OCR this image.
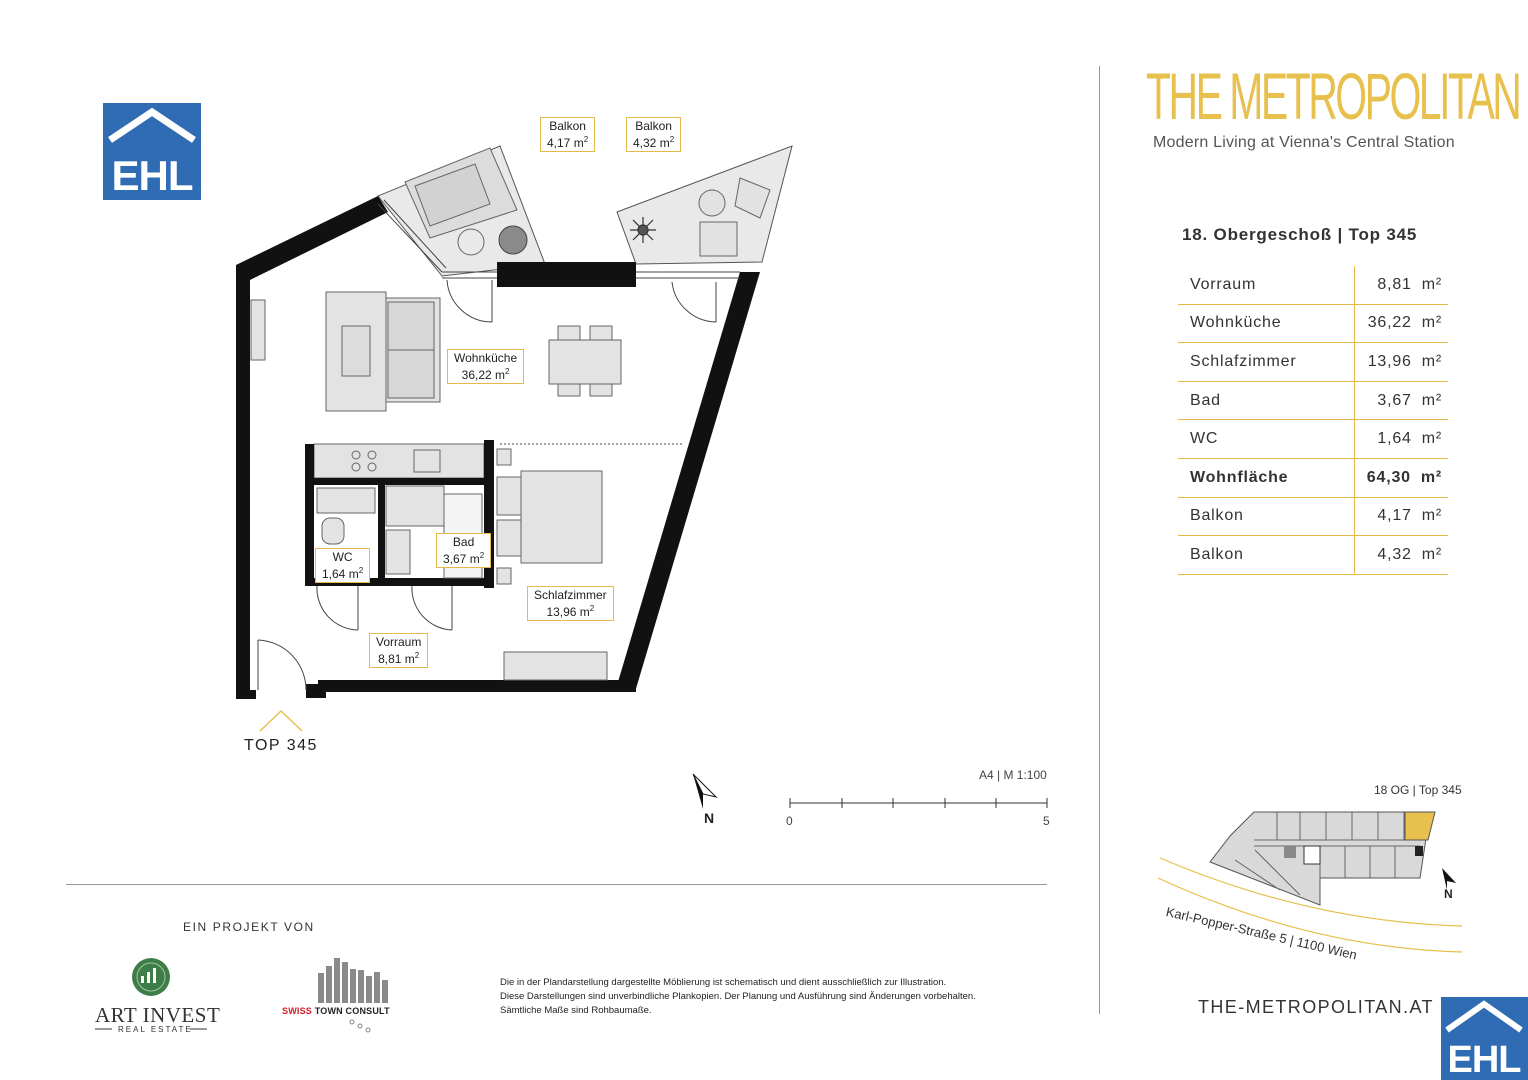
EHL
EHL
Balkon
4,17 $m^2$
Balkon
4,32 $m^2$
Wohnküche
36,22 $m^2$
Bad
3,67 $m^2$
WC
1,64 $m^2$
Schlafzimmer
13,96 $m^2$
Vorraum
8,81 $m^2$
TOP 345
A4 | M 1:100
0	5
N
N
THE METROPOLITAN
Modern Living at Vienna's Central Station
18. Obergeschoß | Top 345
Vorraum	8,81 m²
Wohnküche	36,22 m²
Schlafzimmer	13,96 m²
Bad	3,67 m²
WC	1,64 m²
Wohnfläche	64,30 m²
Balkon	4,17 m²
Balkon	4,32 m²
18 OG | Top 345
Karl-Popper-Straße 5 | 1100 Wien
EIN PROJEKT VON
ART INVEST
REAL ESTATE
SWISS TOWN CONSULT
Die in der Plandarstellung dargestellte Möblierung ist schematisch und dient ausschließlich zur Illustration.
Diese Darstellungen sind unverbindliche Plankopien. Der Planung und Ausführung sind Änderungen vorbehalten.
Sämtliche Maße sind Rohbaumaße.	THE-METROPOLITAN.AT
